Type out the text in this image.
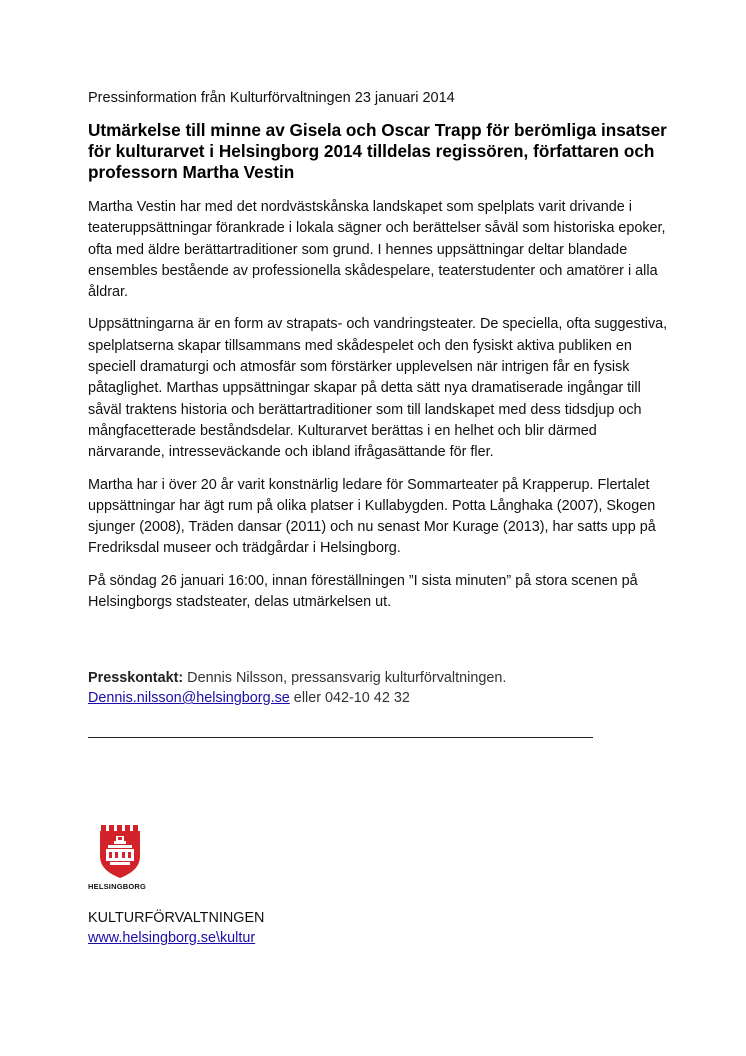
Pressinformation från Kulturförvaltningen 23 januari 2014

Utmärkelse till minne av Gisela och Oscar Trapp för berömliga insatser för kulturarvet i Helsingborg 2014 tilldelas regissören, författaren och professorn Martha Vestin

Martha Vestin har med det nordvästskånska landskapet som spelplats varit drivande i teateruppsättningar förankrade i lokala sägner och berättelser såväl som historiska epoker, ofta med äldre berättartraditioner som grund. I hennes uppsättningar deltar blandade ensembles bestående av professionella skådespelare, teaterstudenter och amatörer i alla åldrar.

Uppsättningarna är en form av strapats- och vandringsteater. De speciella, ofta suggestiva, spelplatserna skapar tillsammans med skådespelet och den fysiskt aktiva publiken en speciell dramaturgi och atmosfär som förstärker upplevelsen när intrigen får en fysisk påtaglighet. Marthas uppsättningar skapar på detta sätt nya dramatiserade ingångar till såväl traktens historia och berättartraditioner som till landskapet med dess tidsdjup och mångfacetterade beståndsdelar. Kulturarvet berättas i en helhet och blir därmed närvarande, intresseväckande och ibland ifrågasättande för fler.

Martha har i över 20 år varit konstnärlig ledare för Sommarteater på Krapperup. Flertalet uppsättningar har ägt rum på olika platser i Kullabygden. Potta Långhaka (2007), Skogen sjunger (2008), Träden dansar (2011) och nu senast Mor Kurage (2013), har satts upp på Fredriksdal museer och trädgårdar i Helsingborg.

På söndag 26 januari 16:00, innan föreställningen ”I sista minuten” på stora scenen på Helsingborgs stadsteater, delas utmärkelsen ut.

Presskontakt: Dennis Nilsson, pressansvarig kulturförvaltningen.
Dennis.nilsson@helsingborg.se eller 042-10 42 32
HELSINGBORG
KULTURFÖRVALTNINGEN
www.helsingborg.se\kultur
